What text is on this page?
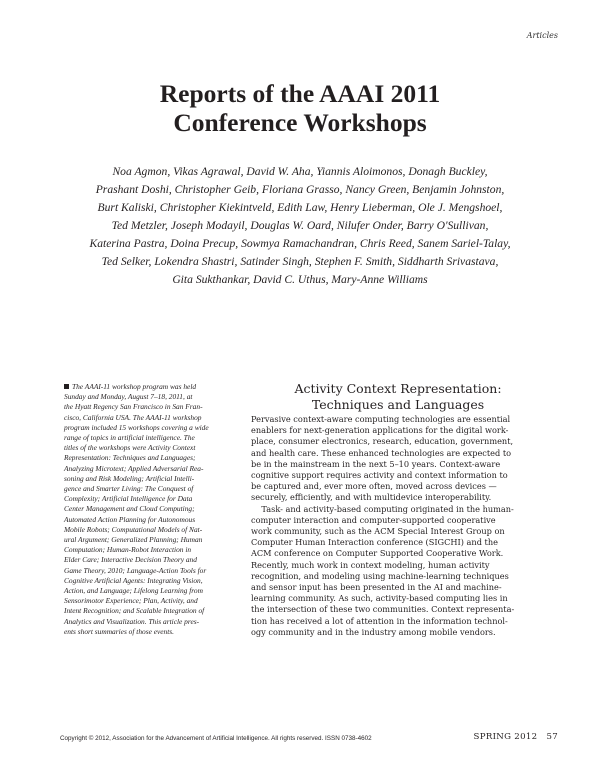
Articles
Reports of the AAAI 2011
Conference Workshops
Noa Agmon, Vikas Agrawal, David W. Aha, Yiannis Aloimonos, Donagh Buckley,
Prashant Doshi, Christopher Geib, Floriana Grasso, Nancy Green, Benjamin Johnston,
Burt Kaliski, Christopher Kiekintveld, Edith Law, Henry Lieberman, Ole J. Mengshoel,
Ted Metzler, Joseph Modayil, Douglas W. Oard, Nilufer Onder, Barry O'Sullivan,
Katerina Pastra, Doina Precup, Sowmya Ramachandran, Chris Reed, Sanem Sariel-Talay,
Ted Selker, Lokendra Shastri, Satinder Singh, Stephen F. Smith, Siddharth Srivastava,
Gita Sukthankar, David C. Uthus, Mary-Anne Williams
The AAAI-11 workshop program was held
Sunday and Monday, August 7–18, 2011, at
the Hyatt Regency San Francisco in San Fran-
cisco, California USA. The AAAI-11 workshop
program included 15 workshops covering a wide
range of topics in artificial intelligence. The
titles of the workshops were Activity Context
Representation: Techniques and Languages;
Analyzing Microtext; Applied Adversarial Rea-
soning and Risk Modeling; Artificial Intelli-
gence and Smarter Living: The Conquest of
Complexity; Artificial Intelligence for Data
Center Management and Cloud Computing;
Automated Action Planning for Autonomous
Mobile Robots; Computational Models of Nat-
ural Argument; Generalized Planning; Human
Computation; Human-Robot Interaction in
Elder Care; Interactive Decision Theory and
Game Theory, 2010; Language-Action Tools for
Cognitive Artificial Agents: Integrating Vision,
Action, and Language; Lifelong Learning from
Sensorimotor Experience; Plan, Activity, and
Intent Recognition; and Scalable Integration of
Analytics and Visualization. This article pres-
ents short summaries of those events.
Activity Context Representation:
Techniques and Languages
Pervasive context-aware computing technologies are essential
enablers for next-generation applications for the digital work-
place, consumer electronics, research, education, government,
and health care. These enhanced technologies are expected to
be in the mainstream in the next 5–10 years. Context-aware
cognitive support requires activity and context information to
be captured and, ever more often, moved across devices —
securely, efficiently, and with multidevice interoperability.
Task- and activity-based computing originated in the human-
computer interaction and computer-supported cooperative
work community, such as the ACM Special Interest Group on
Computer Human Interaction conference (SIGCHI) and the
ACM conference on Computer Supported Cooperative Work.
Recently, much work in context modeling, human activity
recognition, and modeling using machine-learning techniques
and sensor input has been presented in the AI and machine-
learning community. As such, activity-based computing lies in
the intersection of these two communities. Context representa-
tion has received a lot of attention in the information technol-
ogy community and in the industry among mobile vendors.
Copyright © 2012, Association for the Advancement of Artificial Intelligence. All rights reserved. ISSN 0738-4602	SPRING 2012   57
